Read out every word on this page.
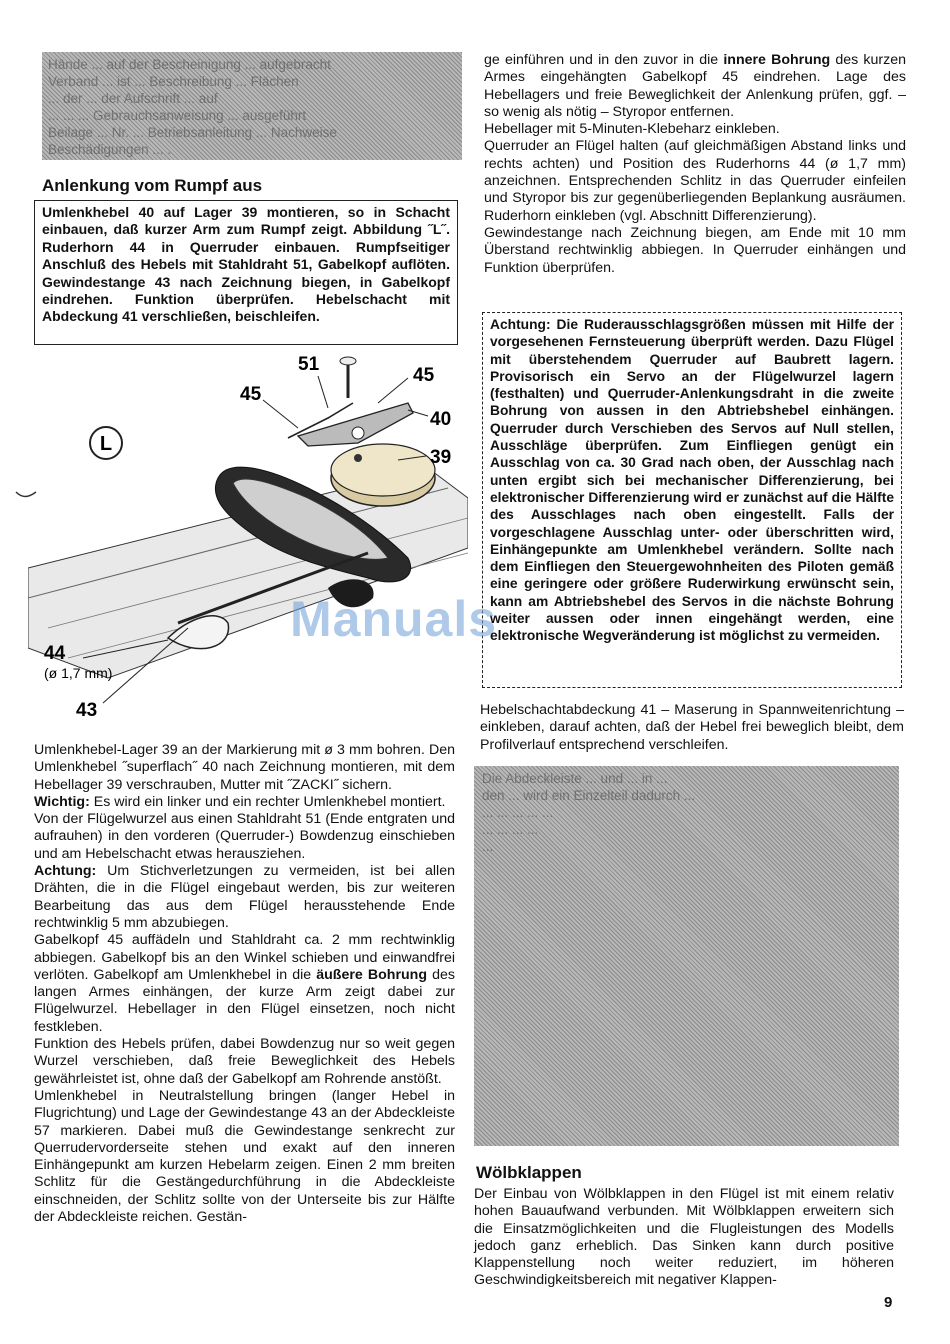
Hände ... auf der Bescheinigung ... aufgebracht
Verband ... ist ... Beschreibung ... Flächen
... der ... der Aufschrift ... auf
... ... ... Gebrauchsanweisung ... ausgeführt
Beilage ... Nr. ... Betriebsanleitung ... Nachweise
Beschädigungen ... .
Anlenkung vom Rumpf aus
Umlenkhebel 40 auf Lager 39 montieren, so in Schacht einbauen, daß kurzer Arm zum Rumpf zeigt. Abbildung ˝L˝. Ruderhorn 44 in Querruder einbauen. Rumpfseitiger Anschluß des Hebels mit Stahldraht 51, Gabelkopf auflöten. Gewindestange 43 nach Zeichnung biegen, in Gabelkopf eindrehen. Funktion überprüfen. Hebelschacht mit Abdeckung 41 verschließen, beischleifen.
L
51
45
45
40
39
44
(ø 1,7 mm)
43

Umlenkhebel-Lager 39 an der Markierung mit ø 3 mm bohren. Den Umlenkhebel ˝superflach˝ 40 nach Zeichnung montieren, mit dem Hebellager 39 verschrauben, Mutter mit ˝ZACKI˝ sichern.

Wichtig: Es wird ein linker und ein rechter Umlenkhebel montiert.

Von der Flügelwurzel aus einen Stahldraht 51 (Ende entgraten und aufrauhen) in den vorderen (Querruder-) Bowdenzug einschieben und am Hebelschacht etwas herausziehen.

Achtung: Um Stichverletzungen zu vermeiden, ist bei allen Drähten, die in die Flügel eingebaut werden, bis zur weiteren Bearbeitung das aus dem Flügel herausstehende Ende rechtwinklig 5 mm abzubiegen.

Gabelkopf 45 auffädeln und Stahldraht ca. 2 mm rechtwinklig abbiegen. Gabelkopf bis an den Winkel schieben und einwandfrei verlöten. Gabelkopf am Umlenkhebel in die äußere Bohrung des langen Armes einhängen, der kurze Arm zeigt dabei zur Flügelwurzel. Hebellager in den Flügel einsetzen, noch nicht festkleben.

Funktion des Hebels prüfen, dabei Bowdenzug nur so weit gegen Wurzel verschieben, daß freie Beweglichkeit des Hebels gewährleistet ist, ohne daß der Gabelkopf am Rohrende anstößt.

Umlenkhebel in Neutralstellung bringen (langer Hebel in Flugrichtung) und Lage der Gewindestange 43 an der Abdeckleiste 57 markieren. Dabei muß die Gewindestange senkrecht zur Querrudervorderseite stehen und exakt auf den inneren Einhängepunkt am kurzen Hebelarm zeigen. Einen 2 mm breiten Schlitz für die Gestängedurchführung in die Abdeckleiste einschneiden, der Schlitz sollte von der Unterseite bis zur Hälfte der Abdeckleiste reichen. Gestän-

ge einführen und in den zuvor in die innere Bohrung des kurzen Armes eingehängten Gabelkopf 45 eindrehen. Lage des Hebellagers und freie Beweglichkeit der Anlenkung prüfen, ggf. – so wenig als nötig – Styropor entfernen.

Hebellager mit 5-Minuten-Klebeharz einkleben.

Querruder an Flügel halten (auf gleichmäßigen Abstand links und rechts achten) und Position des Ruderhorns 44 (ø 1,7 mm) anzeichnen. Entsprechenden Schlitz in das Querruder einfeilen und Styropor bis zur gegenüberliegenden Beplankung ausräumen. Ruderhorn einkleben (vgl. Abschnitt Differenzierung).

Gewindestange nach Zeichnung biegen, am Ende mit 10 mm Überstand rechtwinklig abbiegen. In Querruder einhängen und Funktion überprüfen.

Achtung: Die Ruderausschlagsgrößen müssen mit Hilfe der vorgesehenen Fernsteuerung überprüft werden. Dazu Flügel mit überstehendem Querruder auf Baubrett lagern. Provisorisch ein Servo an der Flügelwurzel lagern (festhalten) und Querruder-Anlenkungsdraht in die zweite Bohrung von aussen in den Abtriebshebel einhängen. Querruder durch Verschieben des Servos auf Null stellen, Ausschläge überprüfen. Zum Einfliegen genügt ein Ausschlag von ca. 30 Grad nach oben, der Ausschlag nach unten ergibt sich bei mechanischer Differenzierung, bei elektronischer Differenzierung wird er zunächst auf die Hälfte des Ausschlages nach oben eingestellt. Falls der vorgeschlagene Ausschlag unter- oder überschritten wird, Einhängepunkte am Umlenkhebel verändern. Sollte nach dem Einfliegen den Steuergewohnheiten des Piloten gemäß eine geringere oder größere Ruderwirkung erwünscht sein, kann am Abtriebshebel des Servos in die nächste Bohrung weiter aussen oder innen eingehängt werden, eine elektronische Wegveränderung ist möglichst zu vermeiden.
Hebelschachtabdeckung 41 – Maserung in Spannweitenrichtung – einkleben, darauf achten, daß der Hebel frei beweglich bleibt, dem Profilverlauf entsprechend verschleifen.
Die Abdeckleiste ... und ... in ...
den ... wird ein Einzelteil dadurch ...
... ... ... ... ...
... ... ... ...
...
Wölbklappen
Der Einbau von Wölbklappen in den Flügel ist mit einem relativ hohen Bauaufwand verbunden. Mit Wölbklappen erweitern sich die Einsatzmöglichkeiten und die Flugleistungen des Modells jedoch ganz erheblich. Das Sinken kann durch positive Klappenstellung noch weiter reduziert, im höheren Geschwindigkeitsbereich mit negativer Klappen-
Manuals
9
